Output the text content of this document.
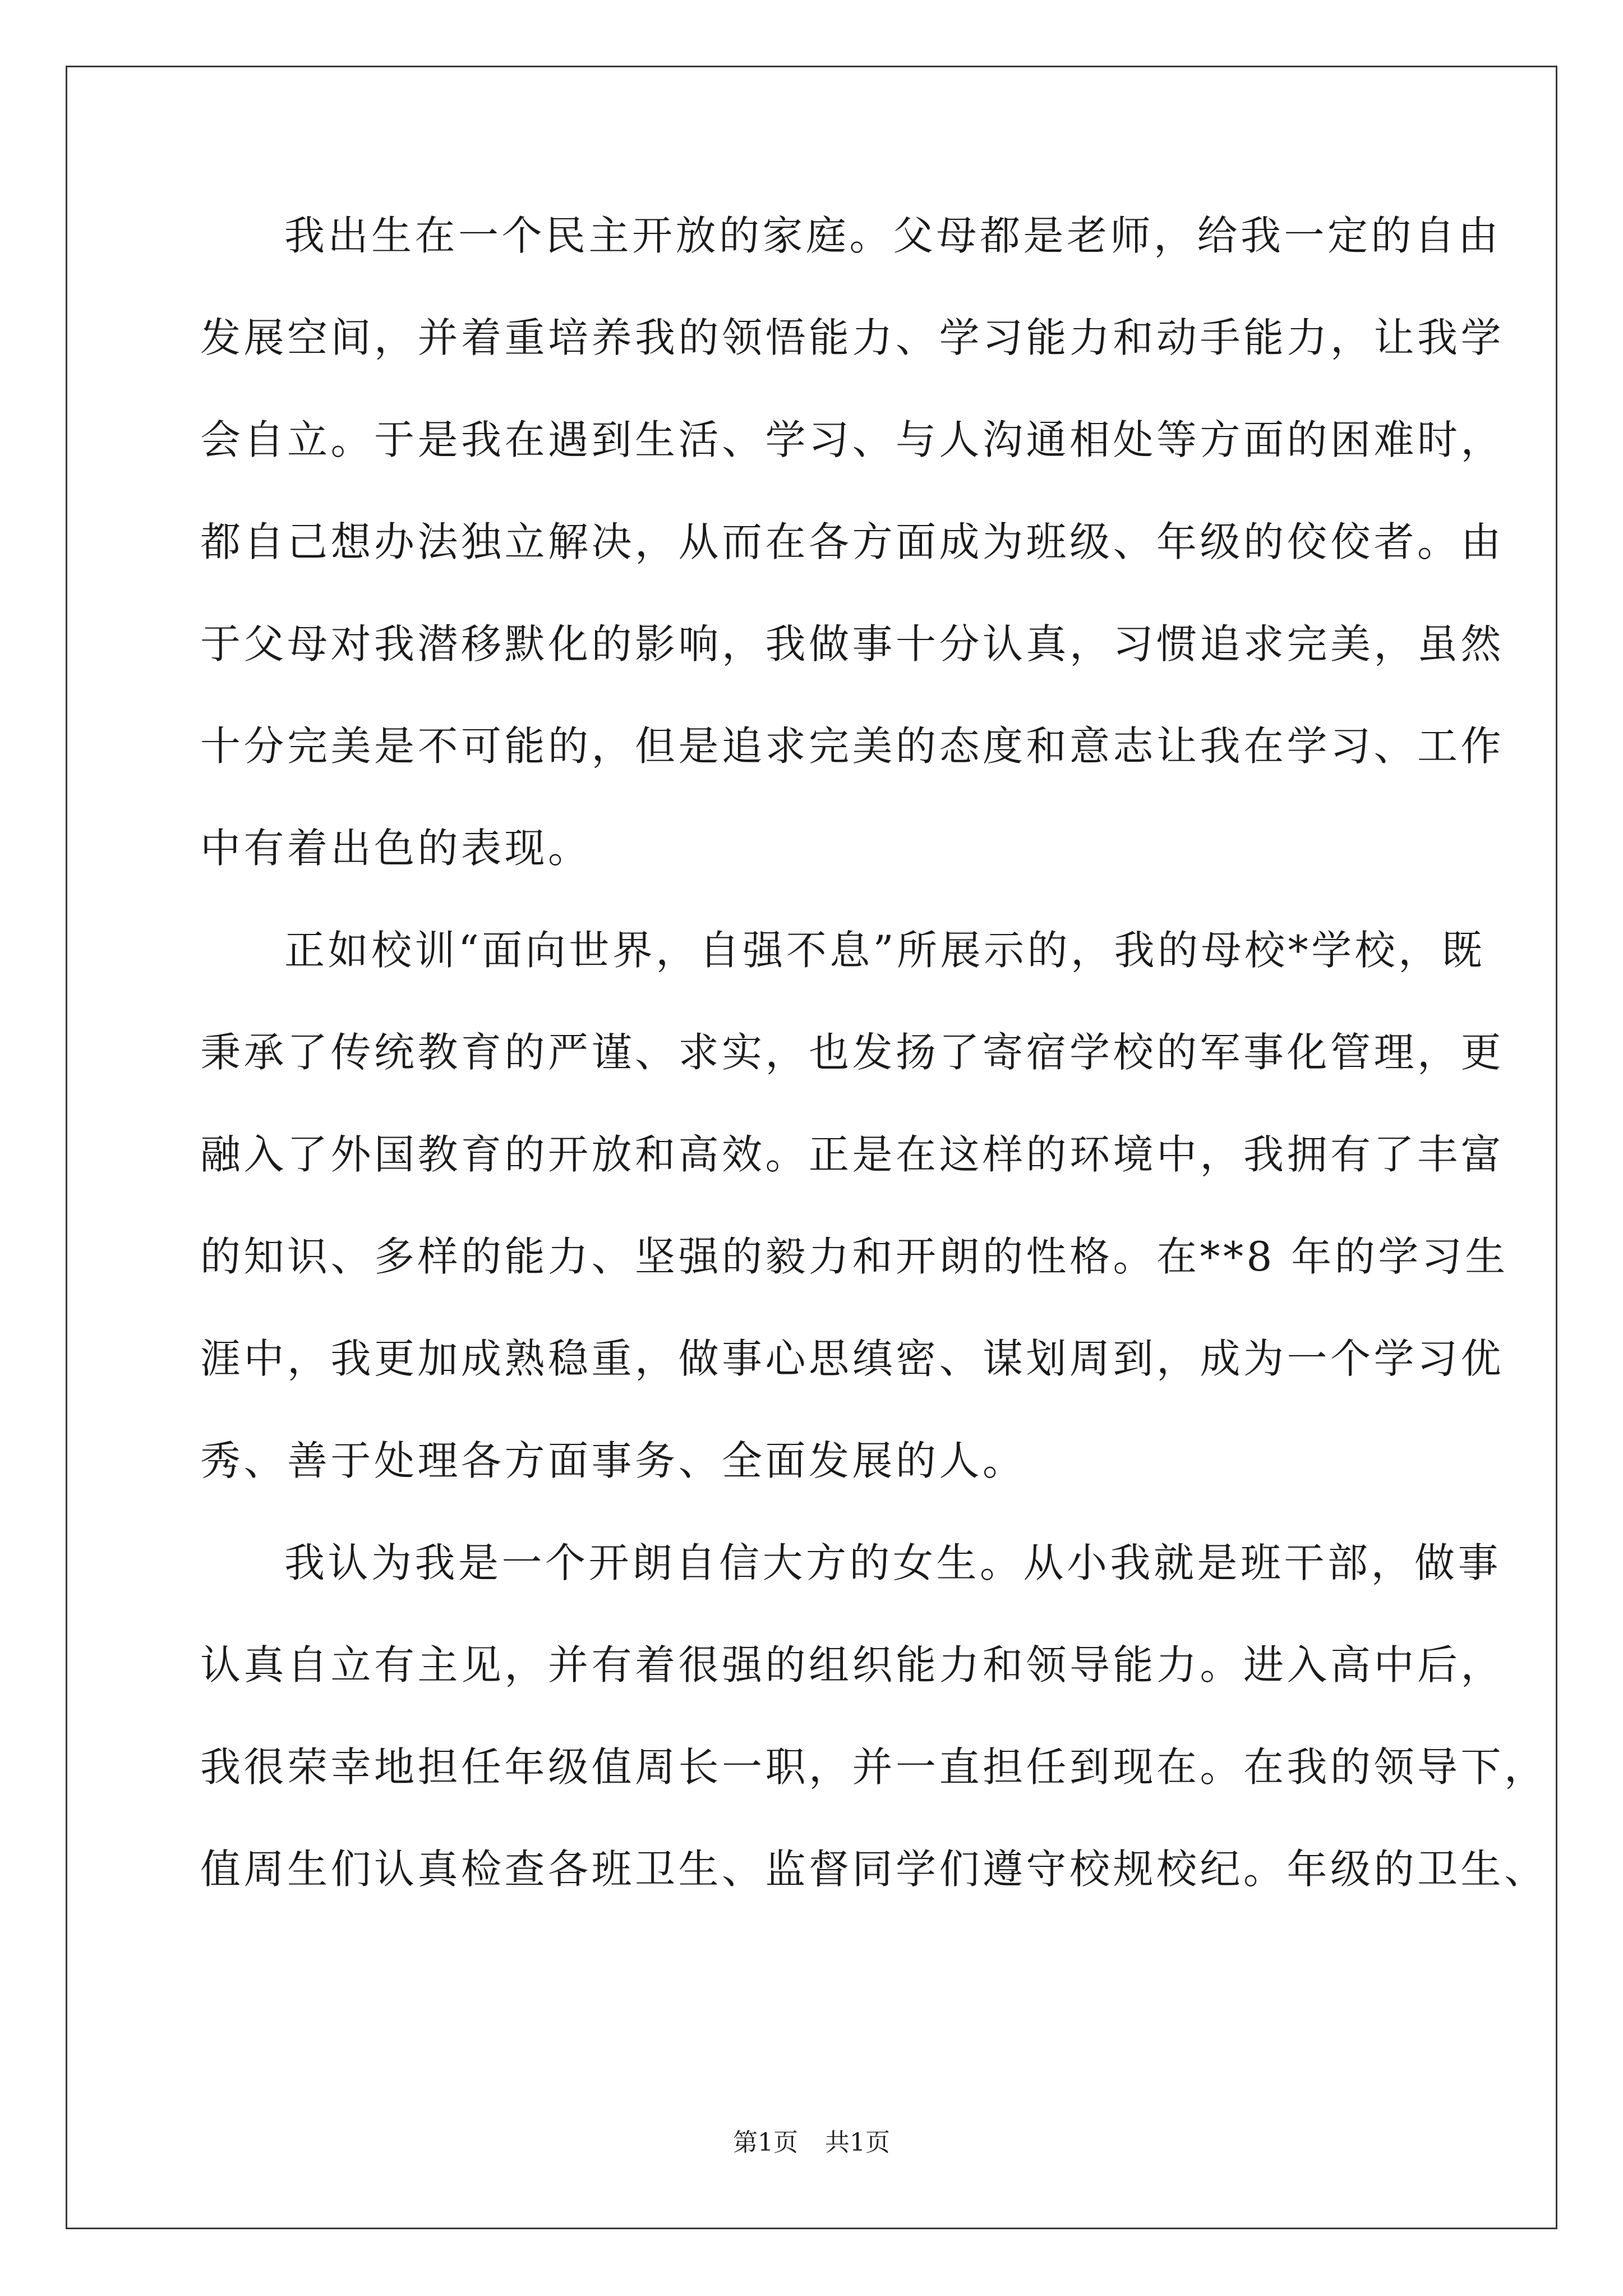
我出生在一个民主开放的家庭。父母都是老师，给我一定的自由
发展空间，并着重培养我的领悟能力、学习能力和动手能力，让我学
会自立。于是我在遇到生活、学习、与人沟通相处等方面的困难时，
都自己想办法独立解决，从而在各方面成为班级、年级的佼佼者。由
于父母对我潜移默化的影响，我做事十分认真，习惯追求完美，虽然
十分完美是不可能的，但是追求完美的态度和意志让我在学习、工作
中有着出色的表现。
正如校训“面向世界，自强不息”所展示的，我的母校*学校，既
秉承了传统教育的严谨、求实，也发扬了寄宿学校的军事化管理，更
融入了外国教育的开放和高效。正是在这样的环境中，我拥有了丰富
的知识、多样的能力、坚强的毅力和开朗的性格。在**8 年的学习生
涯中，我更加成熟稳重，做事心思缜密、谋划周到，成为一个学习优
秀、善于处理各方面事务、全面发展的人。
我认为我是一个开朗自信大方的女生。从小我就是班干部，做事
认真自立有主见，并有着很强的组织能力和领导能力。进入高中后，
我很荣幸地担任年级值周长一职，并一直担任到现在。在我的领导下，
值周生们认真检查各班卫生、监督同学们遵守校规校纪。年级的卫生、
第1页 共1页
